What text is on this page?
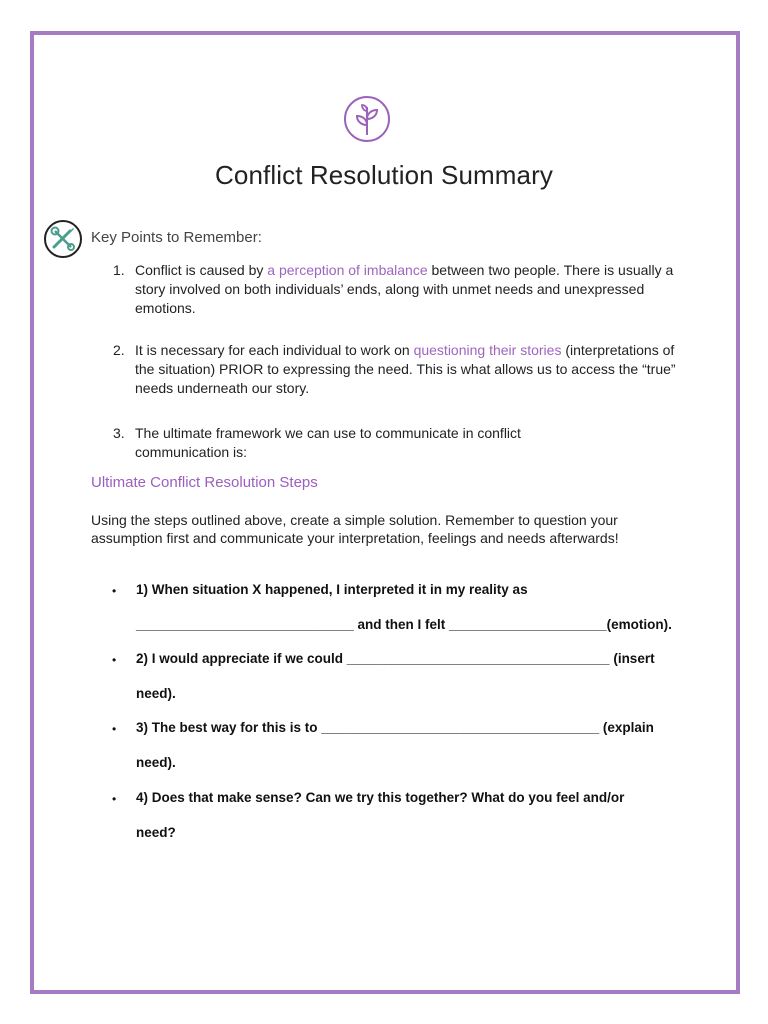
Conflict Resolution Summary
Key Points to Remember:
1. Conflict is caused by a perception of imbalance between two people. There is usually a story involved on both individuals’ ends, along with unmet needs and unexpressed emotions.
2. It is necessary for each individual to work on questioning their stories (interpretations of the situation) PRIOR to expressing the need. This is what allows us to access the “true” needs underneath our story.
3. The ultimate framework we can use to communicate in conflict communication is:
Ultimate Conflict Resolution Steps
Using the steps outlined above, create a simple solution. Remember to question your assumption first and communicate your interpretation, feelings and needs afterwards!
• 1) When situation X happened, I interpreted it in my reality as
_____________________________ and then I felt _____________________(emotion).
• 2) I would appreciate if we could ___________________________________ (insert
need).
• 3) The best way for this is to _____________________________________ (explain
need).
• 4) Does that make sense? Can we try this together? What do you feel and/or
need?
